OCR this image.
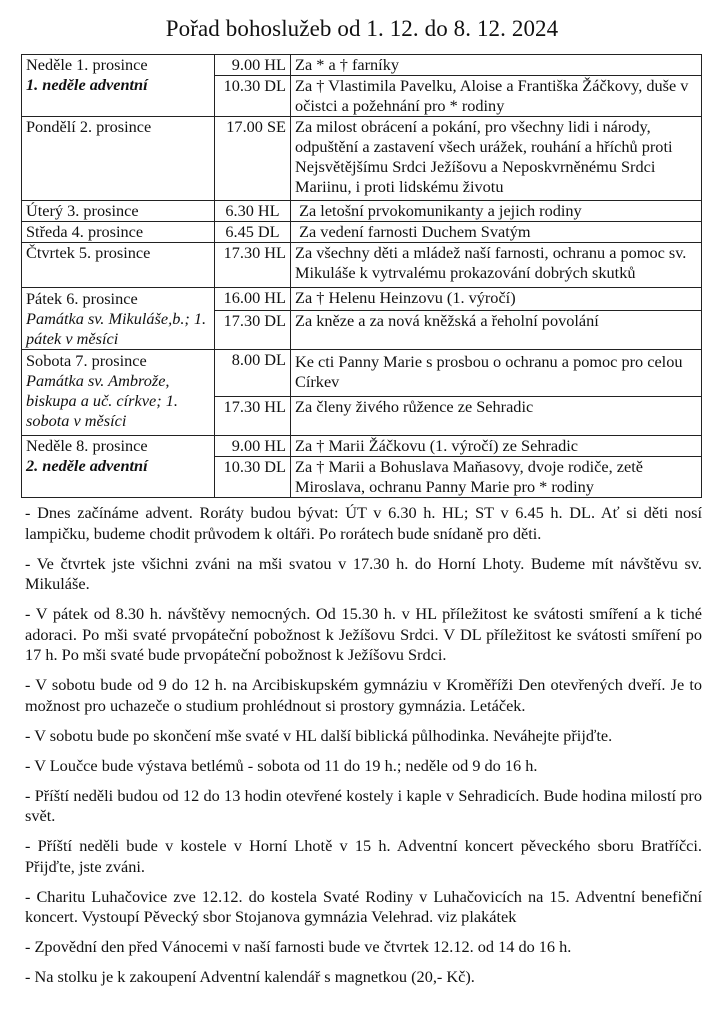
Pořad bohoslužeb od 1. 12. do 8. 12. 2024
Neděle 1. prosince
1. neděle adventní	9.00 HL	Za * a † farníky
	10.30 DL	Za † Vlastimila Pavelku, Aloise a Františka Žáčkovy, duše v očistci a požehnání pro * rodiny

Pondělí 2. prosince	17.00 SE	Za milost obrácení a pokání, pro všechny lidi i národy, odpuštění a zastavení všech urážek, rouhání a hříchů proti Nejsvětějšímu Srdci Ježíšovu a Neposkvrněnému Srdci Mariinu, i proti lidskému životu

Úterý 3. prosince	6.30 HL	Za letošní prvokomunikanty a jejich rodiny

Středa 4. prosince	6.45 DL	Za vedení farnosti Duchem Svatým

Čtvrtek 5. prosince	17.30 HL	Za všechny děti a mládež naší farnosti, ochranu a pomoc sv. Mikuláše k vytrvalému prokazování dobrých skutků

Pátek 6. prosince
Památka sv. Mikuláše,b.; 1. pátek v měsíci	16.00 HL	Za † Helenu Heinzovu (1. výročí)
	17.30 DL	Za kněze a za nová kněžská a řeholní povolání

Sobota 7. prosince
Památka sv. Ambrože, biskupa a uč. církve; 1. sobota v měsíci	8.00 DL	Ke cti Panny Marie s prosbou o ochranu a pomoc pro celou Církev
	17.30 HL	Za členy živého růžence ze Sehradic

Neděle 8. prosince
2. neděle adventní	9.00 HL	Za † Marii Žáčkovu (1. výročí) ze Sehradic
	10.30 DL	Za † Marii a Bohuslava Maňasovy, dvoje rodiče, zetě Miroslava, ochranu Panny Marie pro * rodiny

- Dnes začínáme advent. Roráty budou bývat: ÚT v 6.30 h. HL; ST v 6.45 h. DL. Ať si děti nosí lampičku, budeme chodit průvodem k oltáři. Po rorátech bude snídaně pro děti.

- Ve čtvrtek jste všichni zváni na mši svatou v 17.30 h. do Horní Lhoty. Budeme mít návštěvu sv. Mikuláše.

- V pátek od 8.30 h. návštěvy nemocných. Od 15.30 h. v HL příležitost ke svátosti smíření a k tiché adoraci. Po mši svaté prvopáteční pobožnost k Ježíšovu Srdci. V DL příležitost ke svátosti smíření po 17 h. Po mši svaté bude prvopáteční pobožnost k Ježíšovu Srdci.

- V sobotu bude od 9 do 12 h. na Arcibiskupském gymnáziu v Kroměříži Den otevřených dveří. Je to možnost pro uchazeče o studium prohlédnout si prostory gymnázia. Letáček.

- V sobotu bude po skončení mše svaté v HL další biblická půlhodinka. Neváhejte přijďte.

- V Loučce bude výstava betlémů - sobota od 11 do 19 h.; neděle od 9 do 16 h.

- Příští neděli budou od 12 do 13 hodin otevřené kostely i kaple v Sehradicích. Bude hodina milostí pro svět.

- Příští neděli bude v kostele v Horní Lhotě v 15 h. Adventní koncert pěveckého sboru Bratříčci. Přijďte, jste zváni.

- Charitu Luhačovice zve 12.12. do kostela Svaté Rodiny v Luhačovicích na 15. Adventní benefiční koncert. Vystoupí Pěvecký sbor Stojanova gymnázia Velehrad. viz plakátek

- Zpovědní den před Vánocemi v naší farnosti bude ve čtvrtek 12.12. od 14 do 16 h.

- Na stolku je k zakoupení Adventní kalendář s magnetkou (20,- Kč).
